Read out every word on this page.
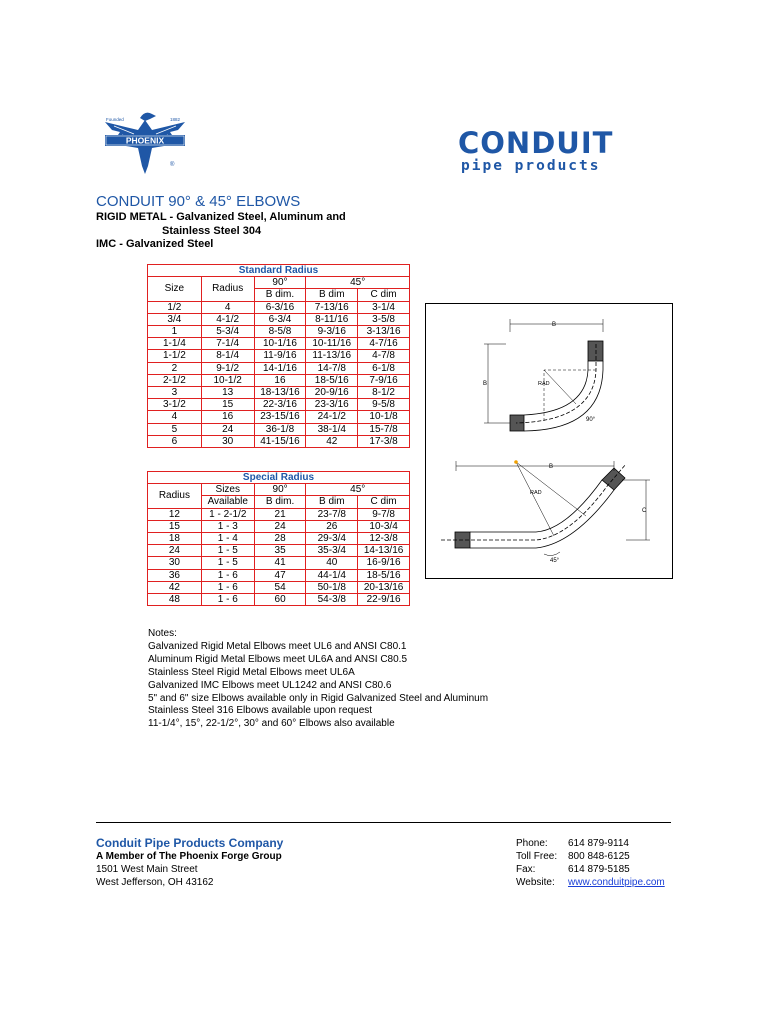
PHOENIX
Founded	1882
®
CONDUIT
pipe products
CONDUIT 90° & 45° ELBOWS
RIGID METAL - Galvanized Steel, Aluminum and
Stainless Steel 304
IMC - Galvanized Steel
Standard Radius				
Size	Radius	90°	45°	
		B dim.	B dim	C dim
1/2	4	6-3/16	7-13/16	3-1/4
3/4	4-1/2	6-3/4	8-11/16	3-5/8
1	5-3/4	8-5/8	9-3/16	3-13/16
1-1/4	7-1/4	10-1/16	10-11/16	4-7/16
1-1/2	8-1/4	11-9/16	11-13/16	4-7/8
2	9-1/2	14-1/16	14-7/8	6-1/8
2-1/2	10-1/2	16	18-5/16	7-9/16
3	13	18-13/16	20-9/16	8-1/2
3-1/2	15	22-3/16	23-3/16	9-5/8
4	16	23-15/16	24-1/2	10-1/8
5	24	36-1/8	38-1/4	15-7/8
6	30	41-15/16	42	17-3/8
Special Radius				
Radius	Sizes	90°	45°	
	Available	B dim.	B dim	C dim
12	1 - 2-1/2	21	23-7/8	9-7/8
15	1 - 3	24	26	10-3/4
18	1 - 4	28	29-3/4	12-3/8
24	1 - 5	35	35-3/4	14-13/16
30	1 - 5	41	40	16-9/16
36	1 - 6	47	44-1/4	18-5/16
42	1 - 6	54	50-1/8	20-13/16
48	1 - 6	60	54-3/8	22-9/16
B
B	RAD
90°
B
RAD
C
45°
Notes:
Galvanized Rigid Metal Elbows meet UL6 and ANSI C80.1
Aluminum Rigid Metal Elbows meet UL6A and ANSI C80.5
Stainless Steel Rigid Metal Elbows meet UL6A
Galvanized IMC Elbows meet UL1242 and ANSI C80.6
5" and 6" size Elbows available only in Rigid Galvanized Steel and Aluminum
Stainless Steel 316 Elbows available upon request
11-1/4°, 15°, 22-1/2°, 30° and 60° Elbows also available
Conduit Pipe Products Company
A Member of The Phoenix Forge Group
1501 West Main Street
West Jefferson, OH 43162
Phone: 614 879-9114
Toll Free: 800 848-6125
Fax:	614 879-5185
Website: www.conduitpipe.com
